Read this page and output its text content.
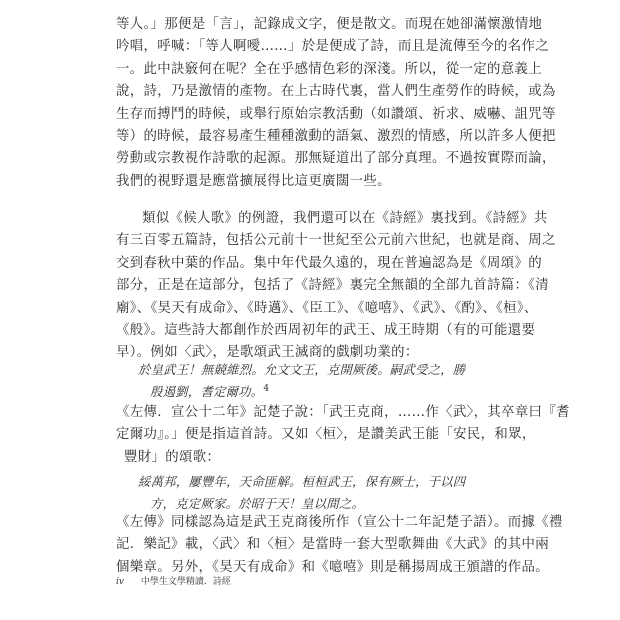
等人。」那便是「言」，記錄成文字，便是散文。而現在她卻滿懷激情地
吟唱，呼喊：「等人啊噯……」於是便成了詩，而且是流傳至今的名作之
一。此中訣竅何在呢？全在乎感情色彩的深淺。所以，從一定的意義上
說，詩，乃是激情的產物。在上古時代裏，當人們生產勞作的時候，或為
生存而搏鬥的時候，或舉行原始宗教活動（如讚頌、祈求、威嚇、詛咒等
等）的時候，最容易產生種種激動的語氣、激烈的情感，所以許多人便把
勞動或宗教視作詩歌的起源。那無疑道出了部分真理。不過按實際而論，
我們的視野還是應當擴展得比這更廣闊一些。
類似《候人歌》的例證，我們還可以在《詩經》裏找到。《詩經》共
有三百零五篇詩，包括公元前十一世紀至公元前六世紀，也就是商、周之
交到春秋中葉的作品。集中年代最久遠的，現在普遍認為是《周頌》的
部分，正是在這部分，包括了《詩經》裏完全無韻的全部九首詩篇：《清
廟》、《昊天有成命》、《時邁》、《臣工》、《噫嘻》、《武》、《酌》、《桓》、
《般》。這些詩大都創作於西周初年的武王、成王時期（有的可能還要
早）。例如〈武〉，是歌頌武王滅商的戲劇功業的：
於皇武王！無競維烈。允文文王，克開厥後。嗣武受之，勝
殷遏劉，耆定爾功。$^4$
《左傳．宣公十二年》記楚子說：「武王克商，……作〈武〉，其卒章曰『耆
定爾功』。」便是指這首詩。又如〈桓〉，是讚美武王能「安民，和眾，
豐財」的頌歌：
綏萬邦，屢豐年，天命匪解。桓桓武王，保有厥士，于以四
方，克定厥家。於昭于天！皇以間之。
《左傳》同樣認為這是武王克商後所作（宣公十二年記楚子語）。而據《禮
記．樂記》載，〈武〉和〈桓〉是當時一套大型歌舞曲《大武》的其中兩
個樂章。另外，《昊天有成命》和《噫嘻》則是稱揚周成王頒譜的作品。
iv 中學生文學精讀．詩經
